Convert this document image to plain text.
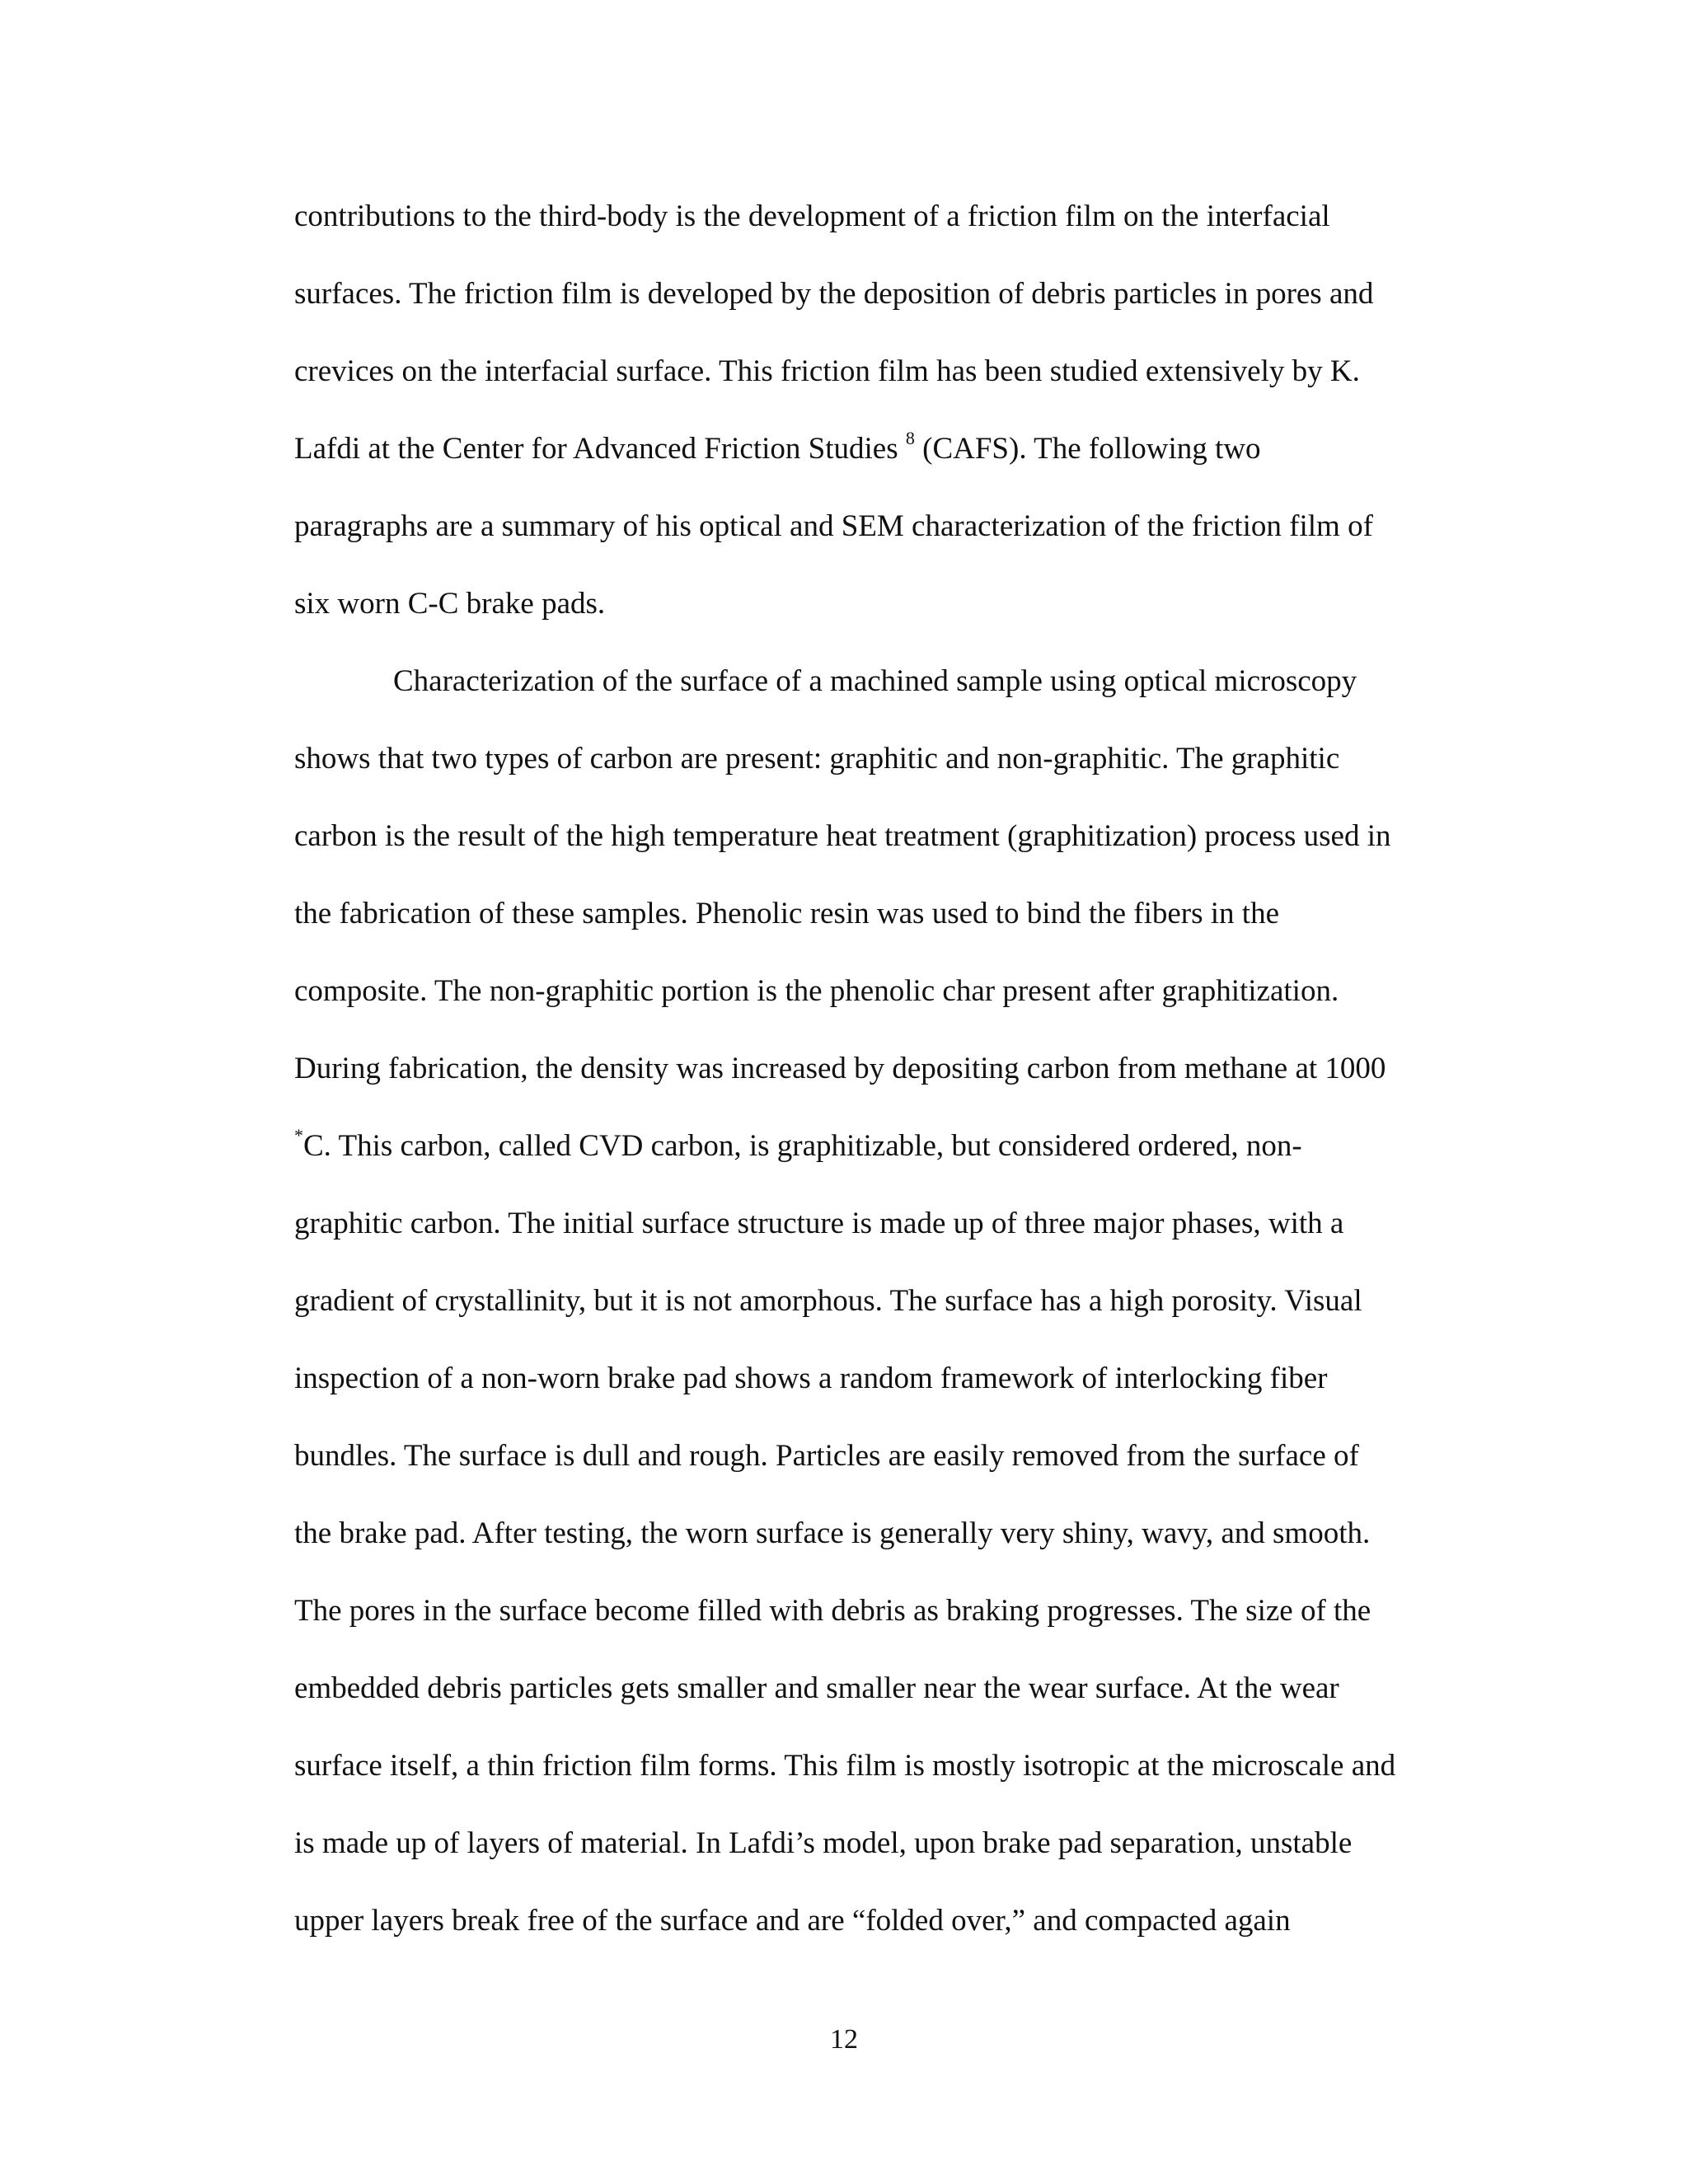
contributions to the third-body is the development of a friction film on the interfacial
surfaces. The friction film is developed by the deposition of debris particles in pores and
crevices on the interfacial surface. This friction film has been studied extensively by K.
Lafdi at the Center for Advanced Friction Studies $^8$ (CAFS). The following two
paragraphs are a summary of his optical and SEM characterization of the friction film of
six worn C-C brake pads.
Characterization of the surface of a machined sample using optical microscopy
shows that two types of carbon are present: graphitic and non-graphitic. The graphitic
carbon is the result of the high temperature heat treatment (graphitization) process used in
the fabrication of these samples. Phenolic resin was used to bind the fibers in the
composite. The non-graphitic portion is the phenolic char present after graphitization.
During fabrication, the density was increased by depositing carbon from methane at 1000
*C. This carbon, called CVD carbon, is graphitizable, but considered ordered, non-
graphitic carbon. The initial surface structure is made up of three major phases, with a
gradient of crystallinity, but it is not amorphous. The surface has a high porosity. Visual
inspection of a non-worn brake pad shows a random framework of interlocking fiber
bundles. The surface is dull and rough. Particles are easily removed from the surface of
the brake pad. After testing, the worn surface is generally very shiny, wavy, and smooth.
The pores in the surface become filled with debris as braking progresses. The size of the
embedded debris particles gets smaller and smaller near the wear surface. At the wear
surface itself, a thin friction film forms. This film is mostly isotropic at the microscale and
is made up of layers of material. In Lafdi’s model, upon brake pad separation, unstable
upper layers break free of the surface and are “folded over,” and compacted again
12
